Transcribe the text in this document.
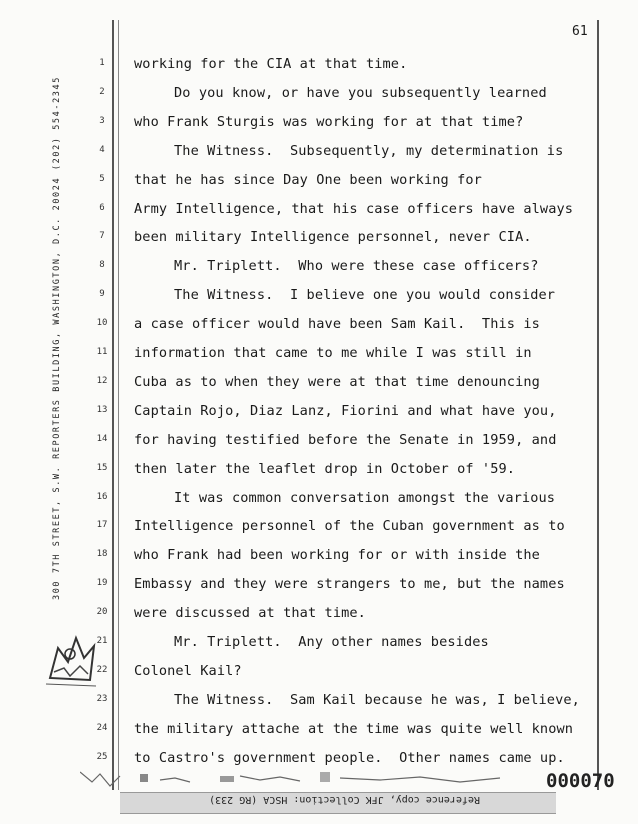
61
300 7TH STREET, S.W. REPORTERS BUILDING, WASHINGTON, D.C. 20024 (202) 554-2345
1
2
3
4
5
6
7
8
9
10
11
12
13
14
15
16
17
18
19
20
21
22
23
24
25
working for the CIA at that time.
Do you know, or have you subsequently learned
who Frank Sturgis was working for at that time?
The Witness.  Subsequently, my determination is
that he has since Day One been working for
Army Intelligence, that his case officers have always
been military Intelligence personnel, never CIA.
Mr. Triplett.  Who were these case officers?
The Witness.  I believe one you would consider
a case officer would have been Sam Kail.  This is
information that came to me while I was still in
Cuba as to when they were at that time denouncing
Captain Rojo, Diaz Lanz, Fiorini and what have you,
for having testified before the Senate in 1959, and
then later the leaflet drop in October of '59.
It was common conversation amongst the various
Intelligence personnel of the Cuban government as to
who Frank had been working for or with inside the
Embassy and they were strangers to me, but the names
were discussed at that time.
Mr. Triplett.  Any other names besides
Colonel Kail?
The Witness.  Sam Kail because he was, I believe,
the military attache at the time was quite well known
to Castro's government people.  Other names came up.
000070
Reference copy, JFK Collection: HSCA (RG 233)
